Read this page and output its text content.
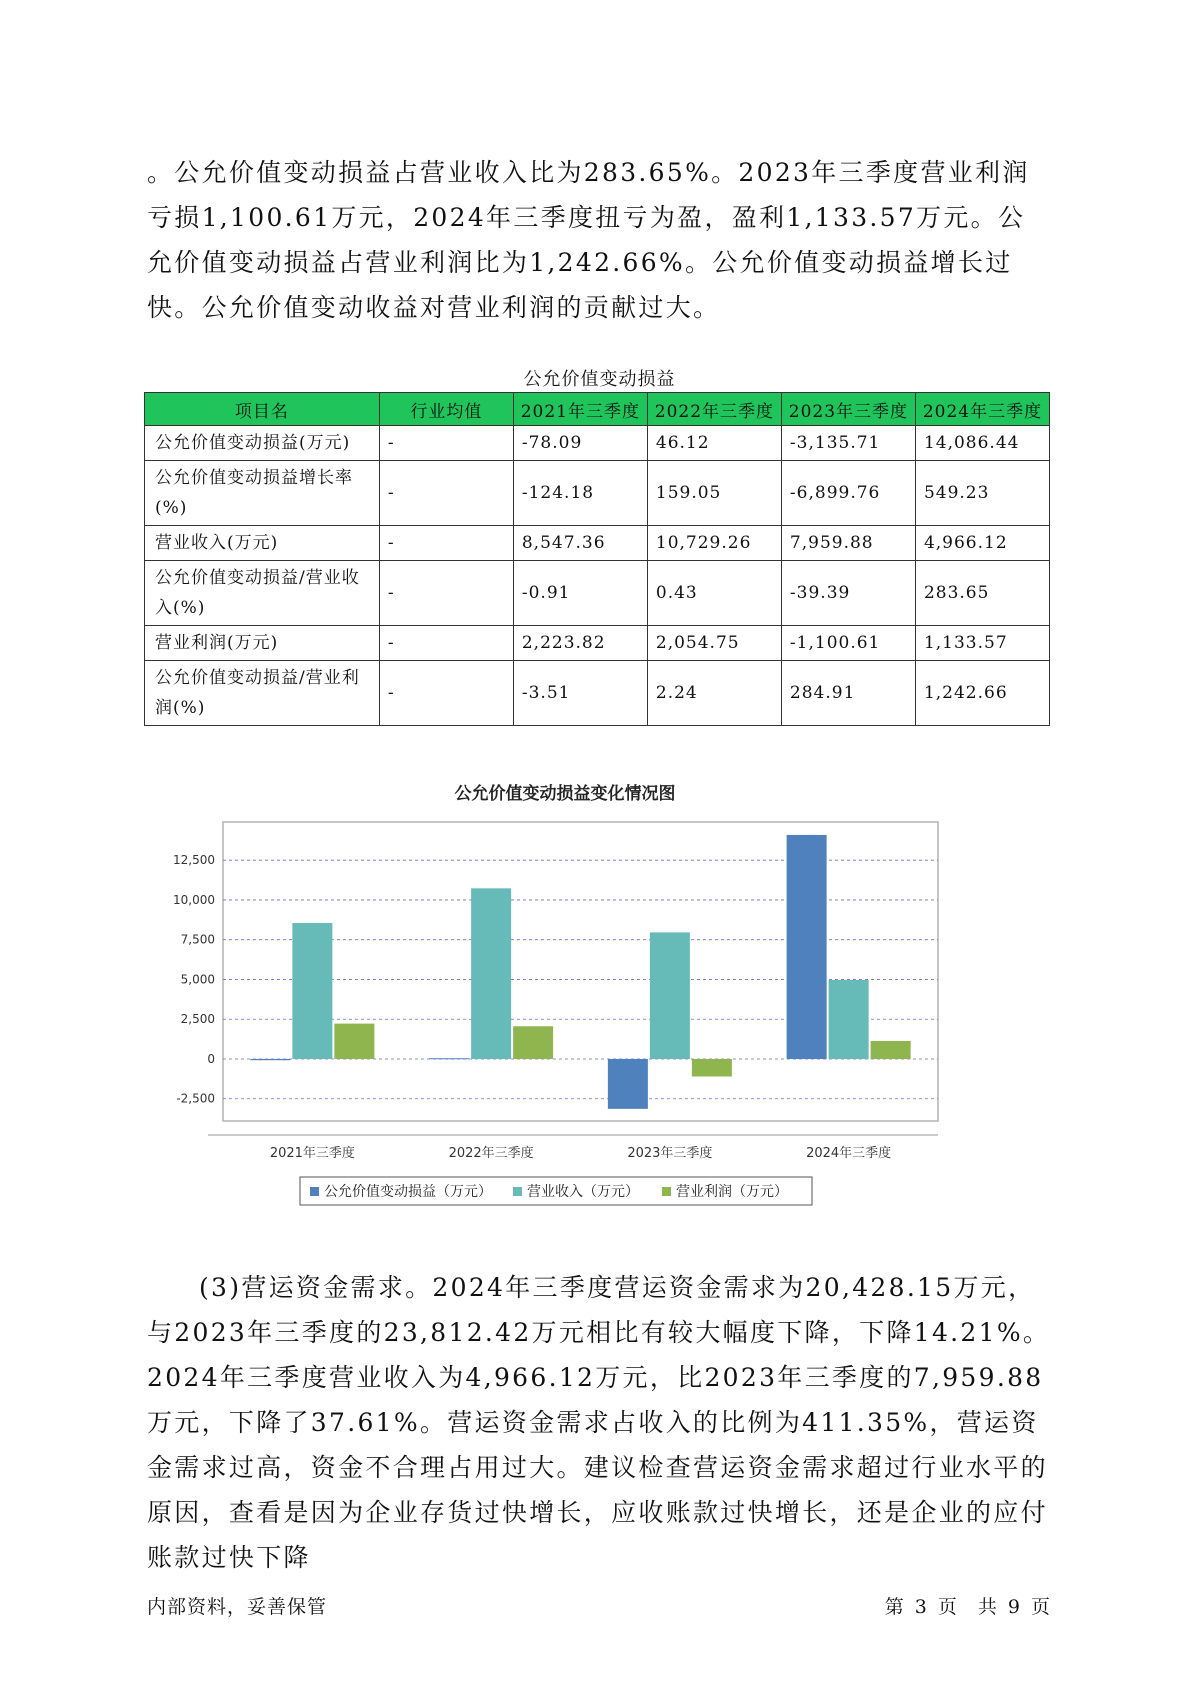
。公允价值变动损益占营业收入比为283.65%。2023年三季度营业利润亏损1,100.61万元，2024年三季度扭亏为盈，盈利1,133.57万元。公允价值变动损益占营业利润比为1,242.66%。公允价值变动损益增长过快。公允价值变动收益对营业利润的贡献过大。

公允价值变动损益
项目名	行业均值	2021年三季度	2022年三季度	2023年三季度	2024年三季度
公允价值变动损益(万元)	-	-78.09	46.12	-3,135.71	14,086.44
公允价值变动损益增长率(%)	-	-124.18	159.05	-6,899.76	549.23
营业收入(万元)	-	8,547.36	10,729.26	7,959.88	4,966.12
公允价值变动损益/营业收入(%)	-	-0.91	0.43	-39.39	283.65
营业利润(万元)	-	2,223.82	2,054.75	-1,100.61	1,133.57
公允价值变动损益/营业利润(%)	-	-3.51	2.24	284.91	1,242.66
公允价值变动损益变化情况图
-2,500
0
2,500
5,000
7,500
10,000
12,500
2021年三季度	2022年三季度	2023年三季度	2024年三季度
公允价值变动损益（万元）	营业收入（万元）	营业利润（万元）

(3)营运资金需求。2024年三季度营运资金需求为20,428.15万元，与2023年三季度的23,812.42万元相比有较大幅度下降，下降14.21%。2024年三季度营业收入为4,966.12万元，比2023年三季度的7,959.88万元，下降了37.61%。营运资金需求占收入的比例为411.35%，营运资金需求过高，资金不合理占用过大。建议检查营运资金需求超过行业水平的原因，查看是因为企业存货过快增长，应收账款过快增长，还是企业的应付账款过快下降

内部资料，妥善保管	第 3 页 共 9 页
